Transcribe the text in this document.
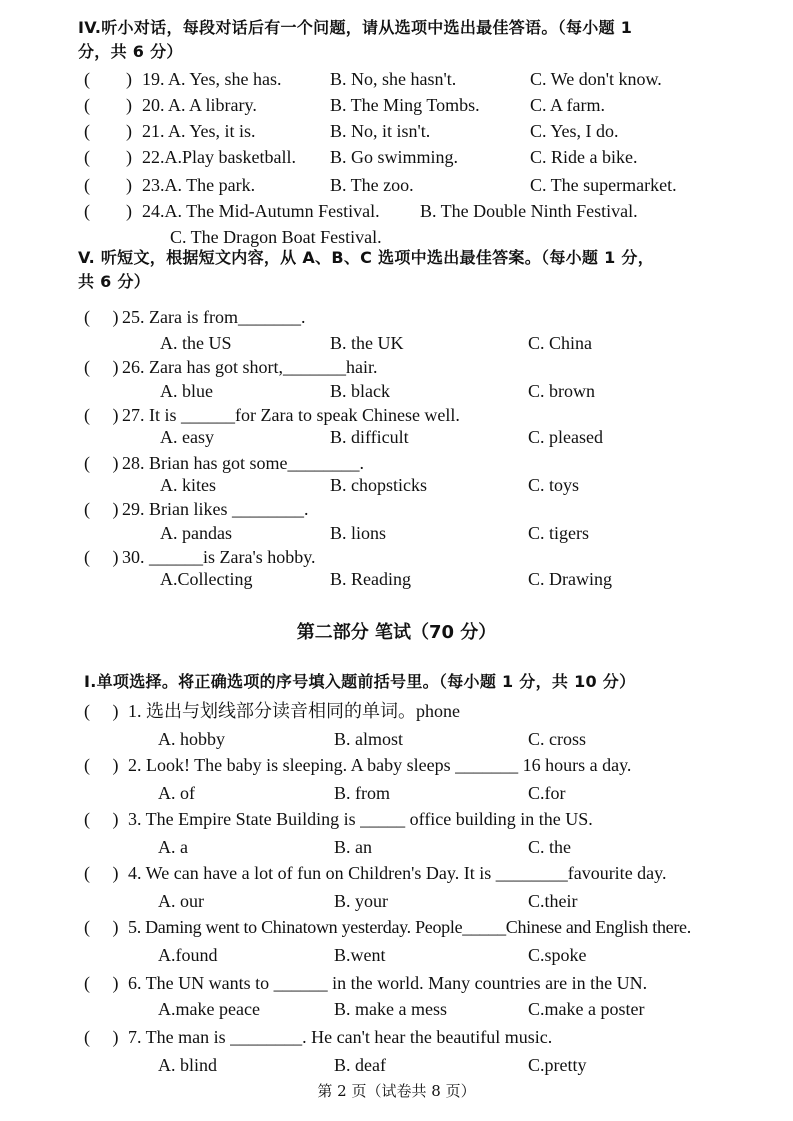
IV.听小对话，每段对话后有一个问题，请从选项中选出最佳答语。（每小题 1
分，共 6 分）
(　　) 19. A. Yes, she has.	B. No, she hasn't.	C. We don't know.
(　　) 20. A. A library.	B. The Ming Tombs.	C. A farm.
(　　) 21. A. Yes, it is.	B. No, it isn't.	C. Yes, I do.
(　　) 22.A.Play basketball. B. Go swimming.	C. Ride a bike.
(　　) 23.A. The park.	B. The zoo.	C. The supermarket.
(　　) 24.A. The Mid-Autumn Festival. B. The Double Ninth Festival.
C. The Dragon Boat Festival.
V. 听短文，根据短文内容，从 A、B、C 选项中选出最佳答案。（每小题 1 分，
共 6 分）
(　 ) 25. Zara is from_______.
A. the US	B. the UK	C. China
(　 ) 26. Zara has got short,_______hair.
A. blue	B. black	C. brown
(　 ) 27. It is ______for Zara to speak Chinese well.
A. easy	B. difficult	C. pleased
(　 ) 28. Brian has got some________.
A. kites	B. chopsticks	C. toys
(　 ) 29. Brian likes ________.
A. pandas	B. lions	C. tigers
(　 ) 30. ______is Zara's hobby.
A.Collecting	B. Reading	C. Drawing
第二部分 笔试（70 分）
I.单项选择。将正确选项的序号填入题前括号里。（每小题 1 分，共 10 分）
(　 ) 1. 选出与划线部分读音相同的单词。phone
A. hobby	B. almost	C. cross
(　 ) 2. Look! The baby is sleeping. A baby sleeps _______ 16 hours a day.
A. of	B. from	C.for
(　 ) 3. The Empire State Building is _____ office building in the US.
A. a	B. an	C. the
(　 ) 4. We can have a lot of fun on Children's Day. It is ________favourite day.
A. our	B. your	C.their
(　 ) 5. Daming went to Chinatown yesterday. People_____Chinese and English there.
A.found	B.went	C.spoke
(　 ) 6. The UN wants to ______ in the world. Many countries are in the UN.
A.make peace	B. make a mess	C.make a poster
(　 ) 7. The man is ________. He can't hear the beautiful music.
A. blind	B. deaf	C.pretty
第 2 页（试卷共 8 页）
